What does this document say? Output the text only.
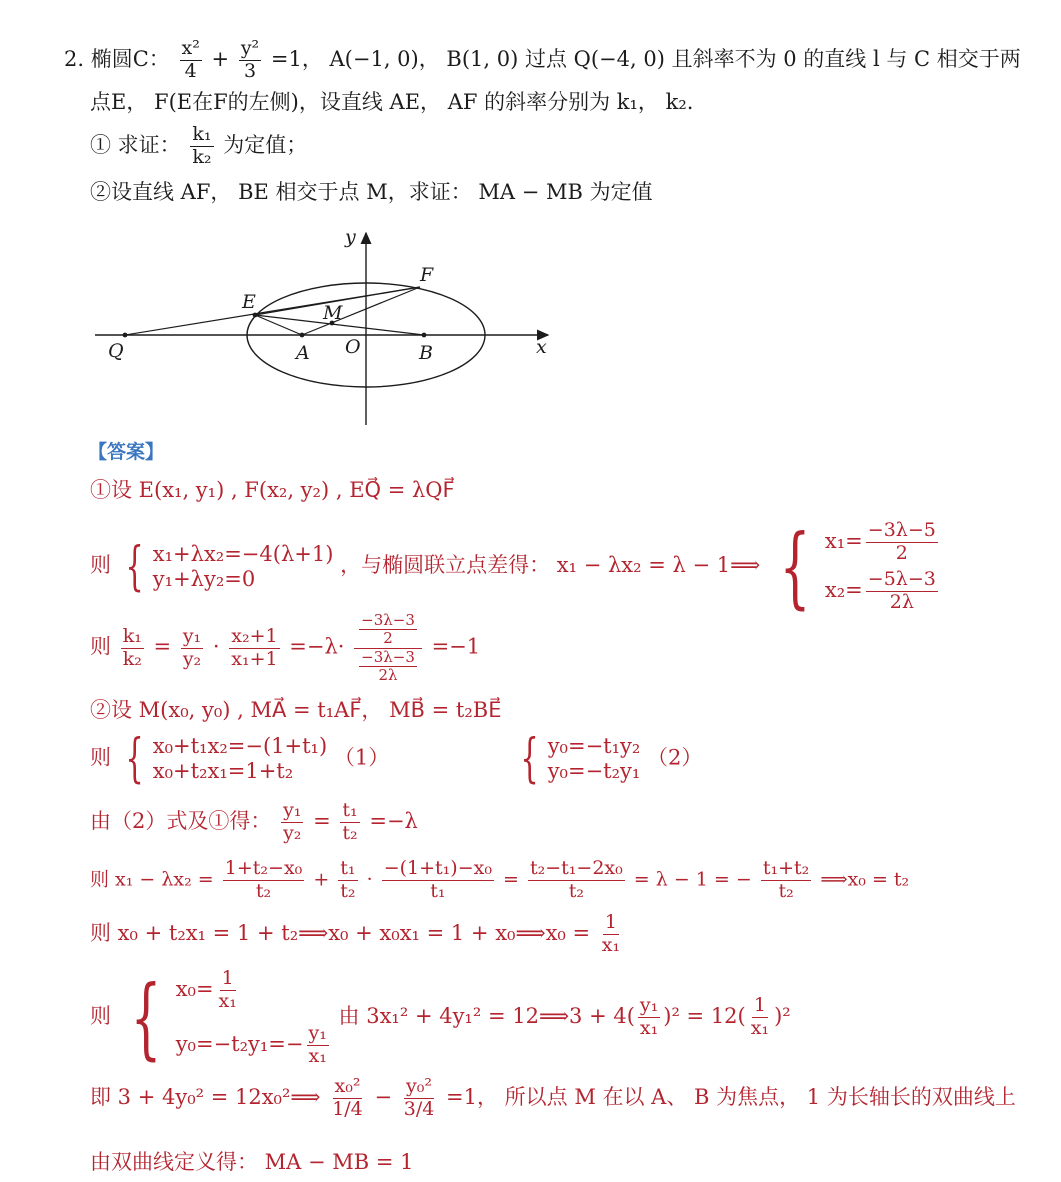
2. 椭圆C： $\frac{\text{x²}}{4} + \frac{\text{y²}}{3} =1$， A(−1, 0)， B(1, 0) 过点 Q(−4, 0) 且斜率不为 0 的直线 l 与 C 相交于两
点E， F(E在F的左侧)，设直线 AE， AF 的斜率分别为 k₁， k₂.
① 求证： $\frac{\text{k₁}}{\text{k₂}}$ 为定值；
②设直线 AF， BE 相交于点 M，求证： MA − MB 为定值
y
x
F
E	M
Q	A O	B
【答案】
①设 E(x₁, y₁) , F(x₂, y₂) , EQ⃗ = λQF⃗
则 { x₁+λx₂=−4(λ+1)
y₁+λy₂=0
，与椭圆联立点差得： x₁ − λx₂ = λ − 1⟹ { $x_1= \frac{-3\lambda-5}{2}$
$x_2= \frac{-5\lambda-3}{2\lambda}$
则 $\frac{\text{k₁}}{\text{k₂}} = \frac{\text{y₁}}{\text{y₂}} \cdot \frac{\text{x₂+1}}{\text{x₁+1}} =-\lambda\cdot \frac{\frac{-3\lambda-3}{2}}{\frac{-3\lambda-3}{2\lambda}} =-1$
②设 M(x₀, y₀) , MA⃗ = t₁AF⃗， MB⃗ = t₂BE⃗
则 { x₀+t₁x₂=−(1+t₁)
x₀+t₂x₁=1+t₂
（1）	{ y₀=−t₁y₂
y₀=−t₂y₁
（2）
由（2）式及①得： $\frac{\text{y₁}}{\text{y₂}} = \frac{\text{t₁}}{\text{t₂}} =-\lambda$
则 $x_1 - \lambda x_2 = \frac{\text{1+t₂−x₀}}{\text{t₂}} + \frac{\text{t₁}}{\text{t₂}} \cdot \frac{\text{−(1+t₁)−x₀}}{\text{t₁}} = \frac{\text{t₂−t₁−2x₀}}{\text{t₂}} = \lambda - 1$ = − $\frac{\text{t₁+t₂}}{\text{t₂}}$ ⟹x₀ = t₂
则 x₀ + t₂x₁ = 1 + t₂⟹x₀ + x₀x₁ = 1 + x₀⟹x₀ = $\frac{1}{\text{x₁}}$
则 { $x_0= \frac{1}{\text{x₁}}$
$y_0=-t_2y_1=- \frac{\text{y₁}}{\text{x₁}}$
由 3x₁² + 4y₁² = 12⟹3 + $4( \frac{\text{y₁}}{\text{x₁}} )^2 = 12( \frac{1}{\text{x₁}} )^2$
即 3 + 4y₀² = 12x₀²⟹ $\frac{\text{x₀²}}{1/4} - \frac{\text{y₀²}}{3/4} =1$， 所以点 M 在以 A、 B 为焦点， 1 为长轴长的双曲线上
由双曲线定义得： MA − MB = 1
